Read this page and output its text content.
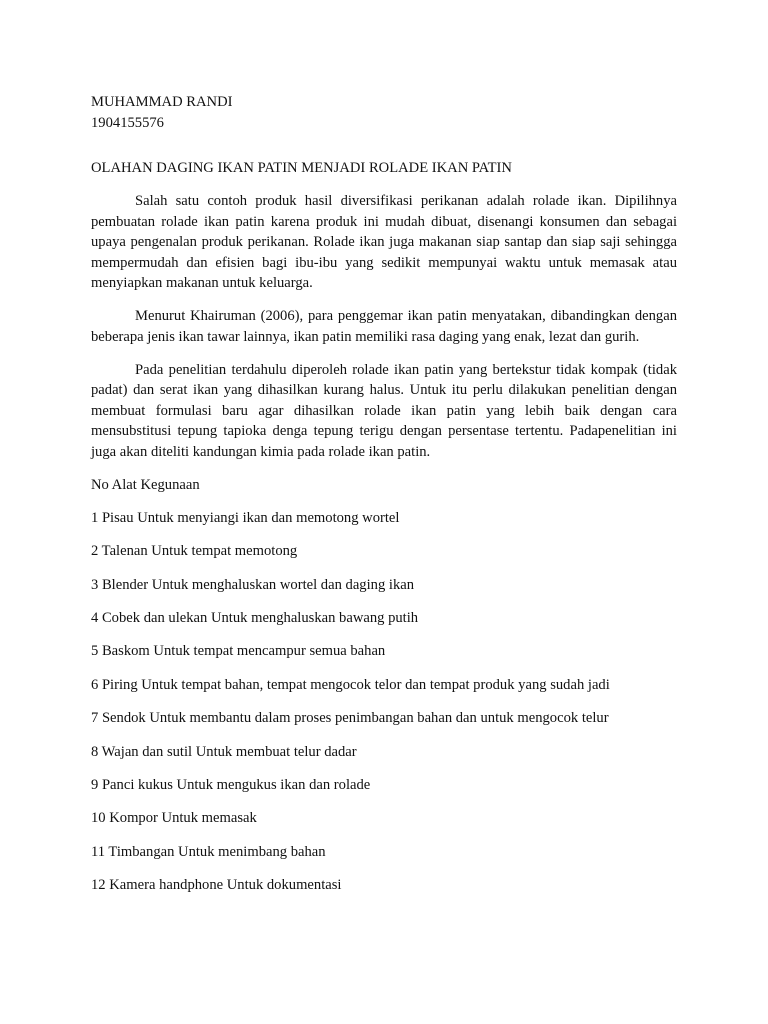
MUHAMMAD RANDI

1904155576

OLAHAN DAGING IKAN PATIN MENJADI ROLADE IKAN PATIN

Salah satu contoh produk hasil diversifikasi perikanan adalah rolade ikan. Dipilihnya pembuatan rolade ikan patin karena produk ini mudah dibuat, disenangi konsumen dan sebagai upaya pengenalan produk perikanan. Rolade ikan juga makanan siap santap dan siap saji sehingga mempermudah dan efisien bagi ibu-ibu yang sedikit mempunyai waktu untuk memasak atau menyiapkan makanan untuk keluarga.

Menurut Khairuman (2006), para penggemar ikan patin menyatakan, dibandingkan dengan beberapa jenis ikan tawar lainnya, ikan patin memiliki rasa daging yang enak, lezat dan gurih.

Pada penelitian terdahulu diperoleh rolade ikan patin yang bertekstur tidak kompak (tidak padat) dan serat ikan yang dihasilkan kurang halus. Untuk itu perlu dilakukan penelitian dengan membuat formulasi baru agar dihasilkan rolade ikan patin yang lebih baik dengan cara mensubstitusi tepung tapioka denga tepung terigu dengan persentase tertentu. Padapenelitian ini juga akan diteliti kandungan kimia pada rolade ikan patin.

No Alat Kegunaan

1 Pisau Untuk menyiangi ikan dan memotong wortel

2 Talenan Untuk tempat memotong

3 Blender Untuk menghaluskan wortel dan daging ikan

4 Cobek dan ulekan Untuk menghaluskan bawang putih

5 Baskom Untuk tempat mencampur semua bahan

6 Piring Untuk tempat bahan, tempat mengocok telor dan tempat produk yang sudah jadi

7 Sendok Untuk membantu dalam proses penimbangan bahan dan untuk mengocok telur

8 Wajan dan sutil Untuk membuat telur dadar

9 Panci kukus Untuk mengukus ikan dan rolade

10 Kompor Untuk memasak

11 Timbangan Untuk menimbang bahan

12 Kamera handphone Untuk dokumentasi
